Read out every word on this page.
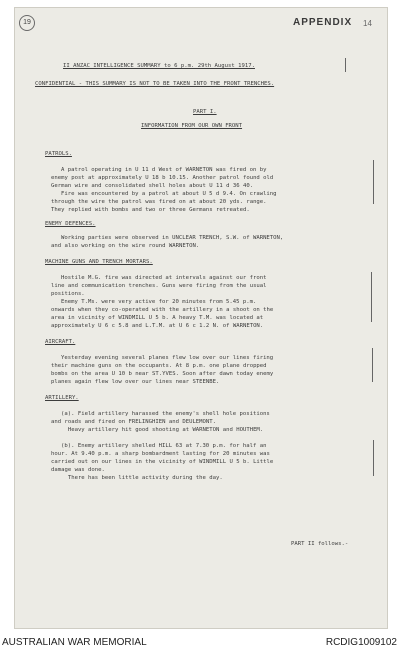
19	APPENDIX 14
II ANZAC INTELLIGENCE SUMMARY to 6 p.m. 29th August 1917.
CONFIDENTIAL - THIS SUMMARY IS NOT TO BE TAKEN INTO THE FRONT TRENCHES.
PART I.
INFORMATION FROM OUR OWN FRONT
PATROLS.
A patrol operating in U 11 d West of WARNETON was fired on by
enemy post at approximately U 18 b 10.15. Another patrol found old
German wire and consolidated shell holes about U 11 d 36 40.
Fire was encountered by a patrol at about U 5 d 9.4. On crawling
through the wire the patrol was fired on at about 20 yds. range.
They replied with bombs and two or three Germans retreated.
ENEMY DEFENCES.
Working parties were observed in UNCLEAR TRENCH, S.W. of WARNETON,
and also working on the wire round WARNETON.
MACHINE GUNS AND TRENCH MORTARS.
Hostile M.G. fire was directed at intervals against our front
line and communication trenches. Guns were firing from the usual
positions.
Enemy T.Ms. were very active for 20 minutes from 5.45 p.m.
onwards when they co-operated with the artillery in a shoot on the
area in vicinity of WINDMILL U 5 b. A heavy T.M. was located at
approximately U 6 c 5.8 and L.T.M. at U 6 c 1.2 N. of WARNETON.
AIRCRAFT.
Yesterday evening several planes flew low over our lines firing
their machine guns on the occupants. At 8 p.m. one plane dropped
bombs on the area U 10 b near ST.YVES. Soon after dawn today enemy
planes again flew low over our lines near STEENBE.
ARTILLERY.
(a). Field artillery harassed the enemy's shell hole positions
and roads and fired on FRELINGHIEN and DEULEMONT.
Heavy artillery hit good shooting at WARNETON and HOUTHEM.
(b). Enemy artillery shelled HILL 63 at 7.30 p.m. for half an
hour. At 9.40 p.m. a sharp bombardment lasting for 20 minutes was
carried out on our lines in the vicinity of WINDMILL U 5 b. Little
damage was done.
There has been little activity during the day.
PART II follows.-
AUSTRALIAN WAR MEMORIAL	RCDIG1009102
